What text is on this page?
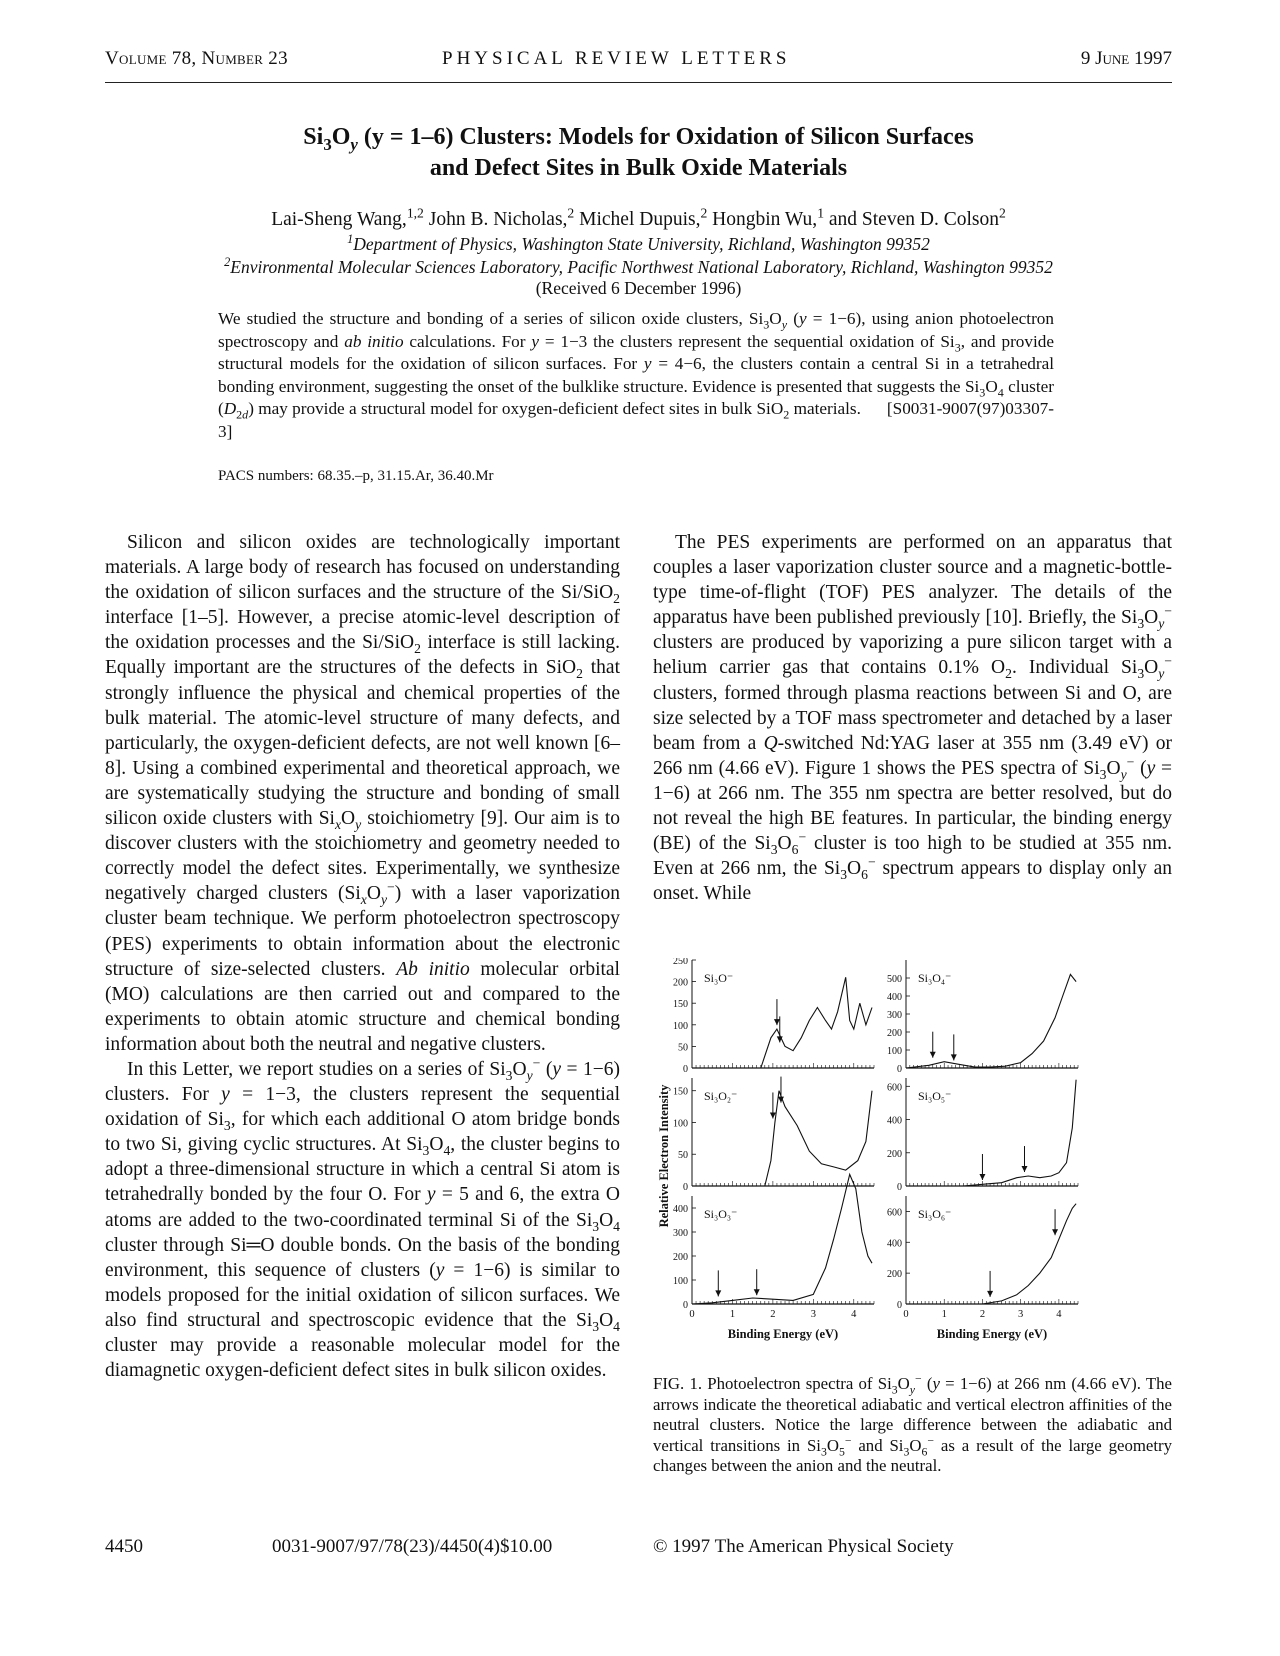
Volume 78, Number 23	PHYSICAL REVIEW LETTERS	9 June 1997
$Si_3O_y$ (y = 1–6) Clusters: Models for Oxidation of Silicon Surfaces
and Defect Sites in Bulk Oxide Materials
Lai-Sheng Wang,$^{1,2}$ John B. Nicholas,$^2$ Michel Dupuis,$^2$ Hongbin Wu,$^1$ and Steven D. Colson$^2$
$^1$Department of Physics, Washington State University, Richland, Washington 99352
$^2$Environmental Molecular Sciences Laboratory, Pacific Northwest National Laboratory, Richland, Washington 99352
(Received 6 December 1996)
We studied the structure and bonding of a series of silicon oxide clusters, $Si_3O_y$ (y = 1−6), using anion photoelectron spectroscopy and ab initio calculations. For y = 1−3 the clusters represent the sequential oxidation of $Si_3$, and provide structural models for the oxidation of silicon surfaces. For y = 4−6, the clusters contain a central Si in a tetrahedral bonding environment, suggesting the onset of the bulklike structure. Evidence is presented that suggests the $Si_3O_4$ cluster $(D_{2d})$ may provide a structural model for oxygen-deficient defect sites in bulk SiO$_2$ materials.      [S0031-9007(97)03307-3]
PACS numbers: 68.35.–p, 31.15.Ar, 36.40.Mr

Silicon and silicon oxides are technologically important materials. A large body of research has focused on understanding the oxidation of silicon surfaces and the structure of the Si/SiO$_2$ interface [1–5]. However, a precise atomic-level description of the oxidation processes and the Si/SiO$_2$ interface is still lacking. Equally important are the structures of the defects in SiO$_2$ that strongly influence the physical and chemical properties of the bulk material. The atomic-level structure of many defects, and particularly, the oxygen-deficient defects, are not well known [6–8]. Using a combined experimental and theoretical approach, we are systematically studying the structure and bonding of small silicon oxide clusters with $Si_xO_y$ stoichiometry [9]. Our aim is to discover clusters with the stoichiometry and geometry needed to correctly model the defect sites. Experimentally, we synthesize negatively charged clusters $(Si_xO_y^-)$ with a laser vaporization cluster beam technique. We perform photoelectron spectroscopy (PES) experiments to obtain information about the electronic structure of size-selected clusters. Ab initio molecular orbital (MO) calculations are then carried out and compared to the experiments to obtain atomic structure and chemical bonding information about both the neutral and negative clusters.

In this Letter, we report studies on a series of $Si_3O_y^-$ (y = 1−6) clusters. For y = 1−3, the clusters represent the sequential oxidation of $Si_3$, for which each additional O atom bridge bonds to two Si, giving cyclic structures. At $Si_3O_4$, the cluster begins to adopt a three-dimensional structure in which a central Si atom is tetrahedrally bonded by the four O. For y = 5 and 6, the extra O atoms are added to the two-coordinated terminal Si of the $Si_3O_4$ cluster through Si═O double bonds. On the basis of the bonding environment, this sequence of clusters (y = 1−6) is similar to models proposed for the initial oxidation of silicon surfaces. We also find structural and spectroscopic evidence that the $Si_3O_4$ cluster may provide a reasonable molecular model for the diamagnetic oxygen-deficient defect sites in bulk silicon oxides.

The PES experiments are performed on an apparatus that couples a laser vaporization cluster source and a magnetic-bottle-type time-of-flight (TOF) PES analyzer. The details of the apparatus have been published previously [10]. Briefly, the $Si_3O_y^-$ clusters are produced by vaporizing a pure silicon target with a helium carrier gas that contains 0.1% $O_2$. Individual $Si_3O_y^-$ clusters, formed through plasma reactions between Si and O, are size selected by a TOF mass spectrometer and detached by a laser beam from a Q-switched Nd:YAG laser at 355 nm (3.49 eV) or 266 nm (4.66 eV). Figure 1 shows the PES spectra of $Si_3O_y^-$ (y = 1−6) at 266 nm. The 355 nm spectra are better resolved, but do not reveal the high BE features. In particular, the binding energy (BE) of the $Si_3O_6^-$ cluster is too high to be studied at 355 nm. Even at 266 nm, the $Si_3O_6^-$ spectrum appears to display only an onset. While

0
50
100
150
200
250
Si₃O⁻
0
100
200
300
400
500 Si₃O₄⁻
0
50
100
150 Si₃O₂⁻
0
200
400
600
Si₃O₅⁻
0
100
200
300
400
0	1	2	3	4
Si₃O₃⁻
0
200
400
600
0	1	2	3	4
Si₃O₆⁻
Relative Electron Intensity
Binding Energy (eV)	Binding Energy (eV)
FIG. 1. Photoelectron spectra of $Si_3O_y^-$ (y = 1−6) at 266 nm (4.66 eV). The arrows indicate the theoretical adiabatic and vertical electron affinities of the neutral clusters. Notice the large difference between the adiabatic and vertical transitions in $Si_3O_5^-$ and $Si_3O_6^-$ as a result of the large geometry changes between the anion and the neutral.
4450	0031-9007/97/78(23)/4450(4)$10.00	© 1997 The American Physical Society
